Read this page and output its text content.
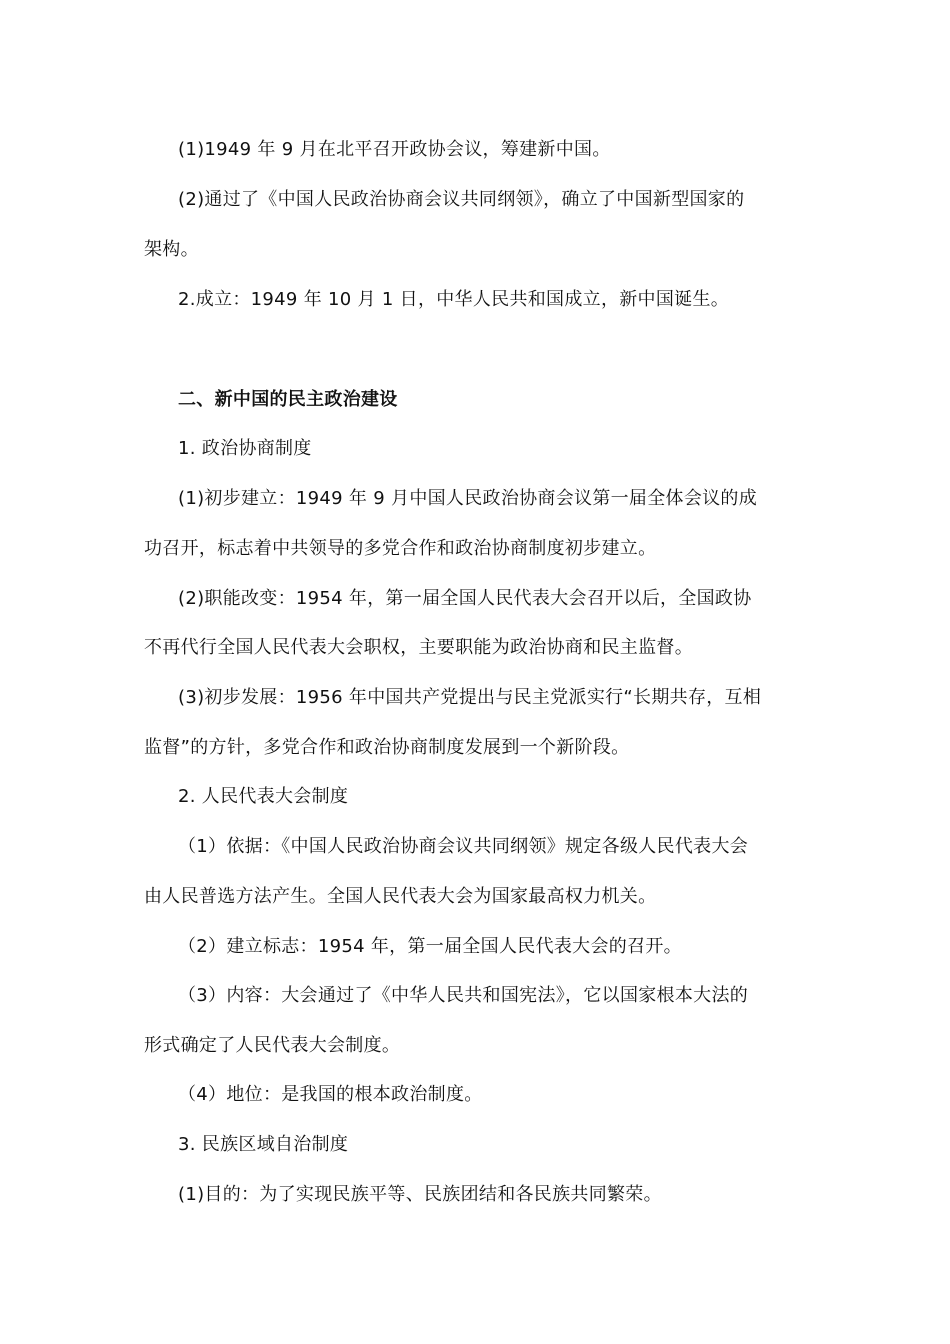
(1)1949 年 9 月在北平召开政协会议，筹建新中国。
(2)通过了《中国人民政治协商会议共同纲领》，确立了中国新型国家的
架构。
2.成立：1949 年 10 月 1 日，中华人民共和国成立，新中国诞生。
二、新中国的民主政治建设
1. 政治协商制度
(1)初步建立：1949 年 9 月中国人民政治协商会议第一届全体会议的成
功召开，标志着中共领导的多党合作和政治协商制度初步建立。
(2)职能改变：1954 年，第一届全国人民代表大会召开以后，全国政协
不再代行全国人民代表大会职权，主要职能为政治协商和民主监督。
(3)初步发展：1956 年中国共产党提出与民主党派实行“长期共存，互相
监督”的方针，多党合作和政治协商制度发展到一个新阶段。
2. 人民代表大会制度
（1）依据：《中国人民政治协商会议共同纲领》规定各级人民代表大会
由人民普选方法产生。全国人民代表大会为国家最高权力机关。
（2）建立标志：1954 年，第一届全国人民代表大会的召开。
（3）内容：大会通过了《中华人民共和国宪法》，它以国家根本大法的
形式确定了人民代表大会制度。
（4）地位：是我国的根本政治制度。
3. 民族区域自治制度
(1)目的：为了实现民族平等、民族团结和各民族共同繁荣。
